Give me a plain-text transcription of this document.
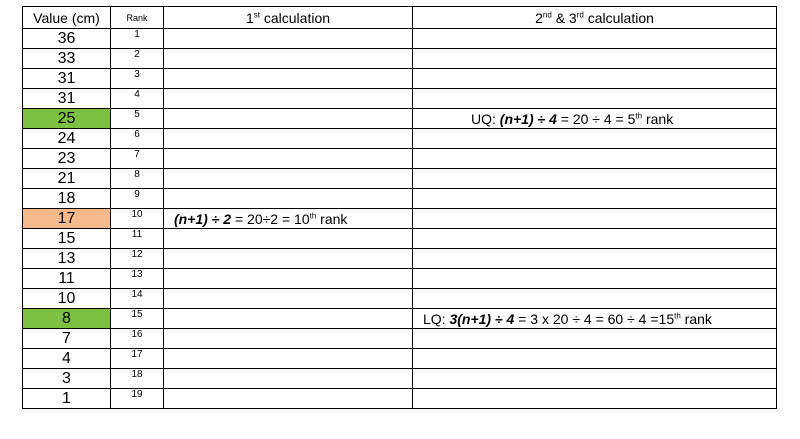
Value (cm)	Rank	1st calculation	2nd & 3rd calculation
36	1		
33	2		
31	3		
31	4		
25	5		UQ: (n+1) ÷ 4 = 20 ÷ 4 = 5th rank
24	6		
23	7		
21	8		
18	9		
17	10	(n+1) ÷ 2 = 20÷2 = 10th rank	
15	11		
13	12		
11	13		
10	14		
8	15		LQ: 3(n+1) ÷ 4 = 3 x 20 ÷ 4 = 60 ÷ 4 =15th rank
7	16		
4	17		
3	18		
1	19		
